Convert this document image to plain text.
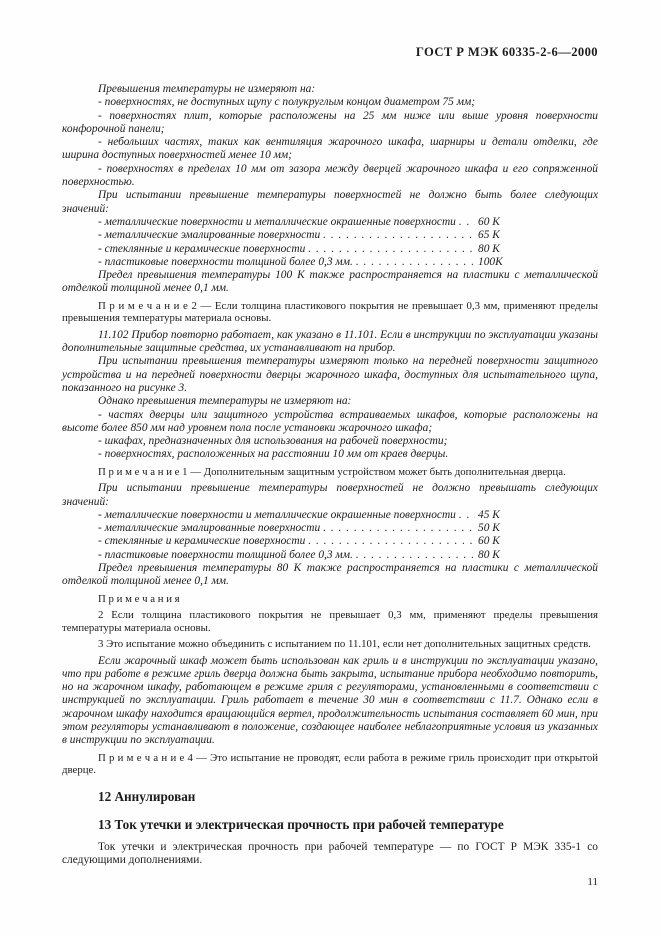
ГОСТ Р МЭК 60335-2-6—2000
Превышения температуры не измеряют на:
- поверхностях, не доступных щупу с полукруглым концом диаметром 75 мм;
- поверхностях плит, которые расположены на 25 мм ниже или выше уровня поверхности конфорочной панели;
- небольших частях, таких как вентиляция жарочного шкафа, шарниры и детали отделки, где ширина доступных поверхностей менее 10 мм;
- поверхностях в пределах 10 мм от зазора между дверцей жарочного шкафа и его сопряженной поверхностью.
При испытании превышение температуры поверхностей не должно быть более следующих значений:
- металлические поверхности и металлические окрашенные поверхности . . . 60 К
- металлические эмалированные поверхности . . .	65 К
- стеклянные и керамические поверхности . . .	80 К
- пластиковые поверхности толщиной более 0,3 мм. . . .	100К
Предел превышения температуры 100 К также распространяется на пластики с металлической отделкой толщиной менее 0,1 мм.
П р и м е ч а н и е 2 — Если толщина пластикового покрытия не превышает 0,3 мм, применяют пределы превышения температуры материала основы.
11.102 Прибор повторно работает, как указано в 11.101. Если в инструкции по эксплуатации указаны дополнительные защитные средства, их устанавливают на прибор.
При испытании превышения температуры измеряют только на передней поверхности защитного устройства и на передней поверхности дверцы жарочного шкафа, доступных для испытательного щупа, показанного на рисунке 3.
Однако превышения температуры не измеряют на:
- частях дверцы или защитного устройства встраиваемых шкафов, которые расположены на высоте более 850 мм над уровнем пола после установки жарочного шкафа;
- шкафах, предназначенных для использования на рабочей поверхности;
- поверхностях, расположенных на расстоянии 10 мм от краев дверцы.
П р и м е ч а н и е 1 — Дополнительным защитным устройством может быть дополнительная дверца.
При испытании превышение температуры поверхностей не должно превышать следующих значений:
- металлические поверхности и металлические окрашенные поверхности . . . 45 К
- металлические эмалированные поверхности . . .	50 К
- стеклянные и керамические поверхности . . .	60 К
- пластиковые поверхности толщиной более 0,3 мм. . . .	80 К
Предел превышения температуры 80 К также распространяется на пластики с металлической отделкой толщиной менее 0,1 мм.
П р и м е ч а н и я
2 Если толщина пластикового покрытия не превышает 0,3 мм, применяют пределы превышения температуры материала основы.
3 Это испытание можно объединить с испытанием по 11.101, если нет дополнительных защитных средств.
Если жарочный шкаф может быть использован как гриль и в инструкции по эксплуатации указано, что при работе в режиме гриль дверца должна быть закрыта, испытание прибора необходимо повторить, но на жарочном шкафу, работающем в режиме гриля с регуляторами, установленными в соответствии с инструкцией по эксплуатации. Гриль работает в течение 30 мин в соответствии с 11.7. Однако если в жарочном шкафу находится вращающийся вертел, продолжительность испытания составляет 60 мин, при этом регуляторы устанавливают в положение, создающее наиболее неблагоприятные условия из указанных в инструкции по эксплуатации.
П р и м е ч а н и е 4 — Это испытание не проводят, если работа в режиме гриль происходит при открытой дверце.
12 Аннулирован
13 Ток утечки и электрическая прочность при рабочей температуре
Ток утечки и электрическая прочность при рабочей температуре — по ГОСТ Р МЭК 335-1 со следующими дополнениями.
11
